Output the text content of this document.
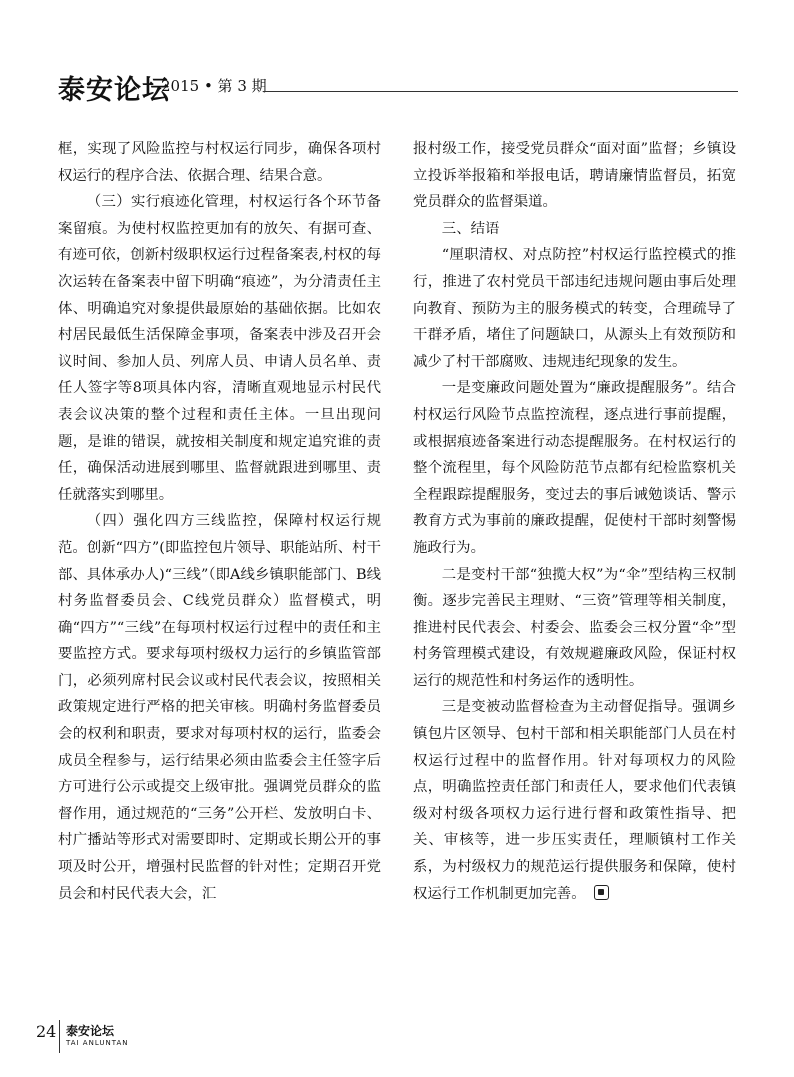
泰安论坛
2015 • 第 3 期

框，实现了风险监控与村权运行同步，确保各项村权运行的程序合法、依据合理、结果合意。

（三）实行痕迹化管理，村权运行各个环节备案留痕。为使村权监控更加有的放矢、有据可查、有迹可依，创新村级职权运行过程备案表,村权的每次运转在备案表中留下明确“痕迹”，为分清责任主体、明确追究对象提供最原始的基础依据。比如农村居民最低生活保障金事项，备案表中涉及召开会议时间、参加人员、列席人员、申请人员名单、责任人签字等8项具体内容，清晰直观地显示村民代表会议决策的整个过程和责任主体。一旦出现问题，是谁的错误，就按相关制度和规定追究谁的责任，确保活动进展到哪里、监督就跟进到哪里、责任就落实到哪里。

（四）强化四方三线监控，保障村权运行规范。创新“四方”(即监控包片领导、职能站所、村干部、具体承办人)“三线”（即A线乡镇职能部门、B线村务监督委员会、C线党员群众）监督模式，明确“四方”“三线”在每项村权运行过程中的责任和主要监控方式。要求每项村级权力运行的乡镇监管部门，必须列席村民会议或村民代表会议，按照相关政策规定进行严格的把关审核。明确村务监督委员会的权利和职责，要求对每项村权的运行，监委会成员全程参与，运行结果必须由监委会主任签字后方可进行公示或提交上级审批。强调党员群众的监督作用，通过规范的“三务”公开栏、发放明白卡、村广播站等形式对需要即时、定期或长期公开的事项及时公开，增强村民监督的针对性；定期召开党员会和村民代表大会，汇

报村级工作，接受党员群众“面对面”监督；乡镇设立投诉举报箱和举报电话，聘请廉情监督员，拓宽党员群众的监督渠道。

三、结语

“厘职清权、对点防控”村权运行监控模式的推行，推进了农村党员干部违纪违规问题由事后处理向教育、预防为主的服务模式的转变，合理疏导了干群矛盾，堵住了问题缺口，从源头上有效预防和减少了村干部腐败、违规违纪现象的发生。

一是变廉政问题处置为“廉政提醒服务”。结合村权运行风险节点监控流程，逐点进行事前提醒，或根据痕迹备案进行动态提醒服务。在村权运行的整个流程里，每个风险防范节点都有纪检监察机关全程跟踪提醒服务，变过去的事后诫勉谈话、警示教育方式为事前的廉政提醒，促使村干部时刻警惕施政行为。

二是变村干部“独揽大权”为“伞”型结构三权制衡。逐步完善民主理财、“三资”管理等相关制度，推进村民代表会、村委会、监委会三权分置“伞”型村务管理模式建设，有效规避廉政风险，保证村权运行的规范性和村务运作的透明性。

三是变被动监督检查为主动督促指导。强调乡镇包片区领导、包村干部和相关职能部门人员在村权运行过程中的监督作用。针对每项权力的风险点，明确监控责任部门和责任人，要求他们代表镇级对村级各项权力运行进行督和政策性指导、把关、审核等，进一步压实责任，理顺镇村工作关系，为村级权力的规范运行提供服务和保障，使村权运行工作机制更加完善。

24 泰安论坛
TAI ANLUNTAN
